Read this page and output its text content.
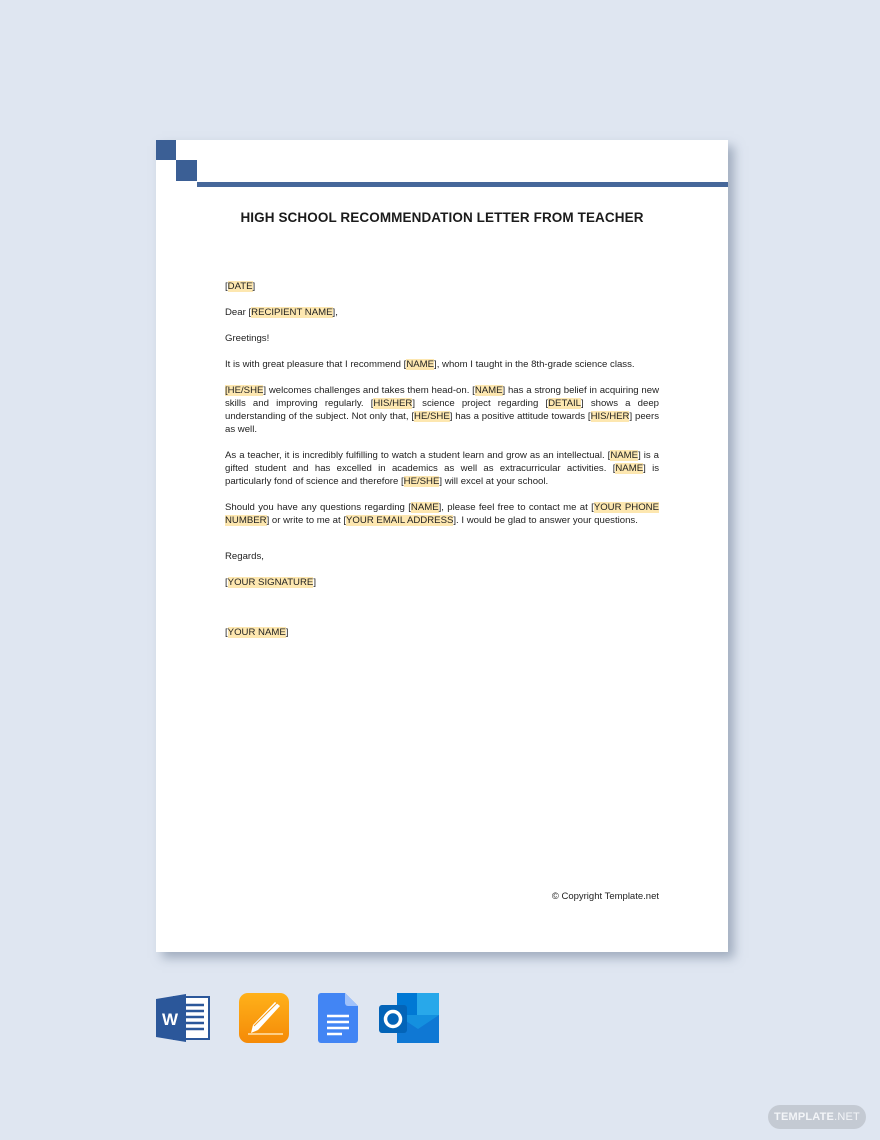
HIGH SCHOOL RECOMMENDATION LETTER FROM TEACHER

[DATE]

Dear [RECIPIENT NAME],

Greetings!

It is with great pleasure that I recommend [NAME], whom I taught in the 8th-grade science class.

[HE/SHE] welcomes challenges and takes them head-on. [NAME] has a strong belief in acquiring new skills and improving regularly. [HIS/HER] science project regarding [DETAIL] shows a deep understanding of the subject. Not only that, [HE/SHE] has a positive attitude towards [HIS/HER] peers as well.

As a teacher, it is incredibly fulfilling to watch a student learn and grow as an intellectual. [NAME] is a gifted student and has excelled in academics as well as extracurricular activities. [NAME] is particularly fond of science and therefore [HE/SHE] will excel at your school.

Should you have any questions regarding [NAME], please feel free to contact me at [YOUR PHONE NUMBER] or write to me at [YOUR EMAIL ADDRESS]. I would be glad to answer your questions.

Regards,

[YOUR SIGNATURE]

[YOUR NAME]

© Copyright Template.net
W
TEMPLATE.NET
